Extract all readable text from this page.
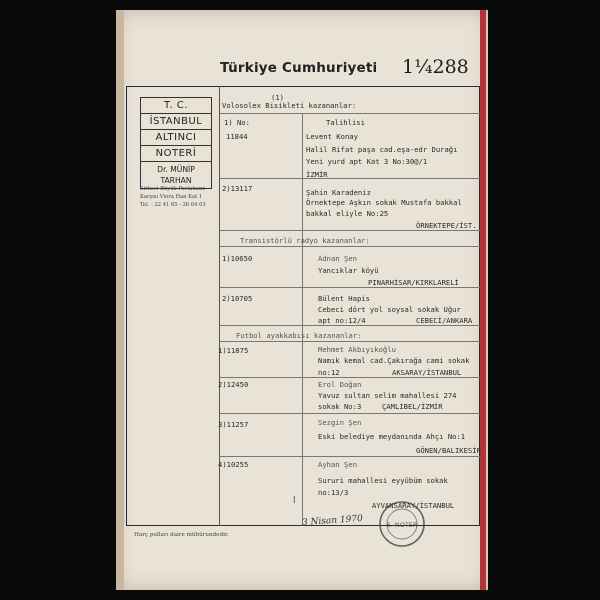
Türkiye Cumhuriyeti 1¼288
T. C.
İSTANBUL
ALTINCI
NOTERİ
Dr. MÜNİP TARHAN
Sirkeci Büyük Postahane
Karşısı Vlora Han Kat 1
Tel. : 22 41 65 - 26 64 03
(1)
Volosolex Bisikleti kazananlar:
1) No:	Talihlisi
11844	Levent Konay
Halil Rifat paşa cad.eşa-edr Durağı
Yeni yurd apt Kat 3 No:30@/1
İZMİR
2)13117	Şahin Karadeniz
Örnektepe Aşkın sokak Mustafa bakkal
bakkal eliyle No:25
ÖRNEKTEPE/İST.
Transistörlü radyo kazananlar:
1)10650	Adnan Şen
Yancıklar köyü
PINARHİSAR/KIRKLARELİ
2)10705	Bülent Hapis
Cebeci dört yol soysal sokak Uğur
apt no:12/4	CEBECİ/ANKARA
Futbol ayakkabısı kazananlar:
1)11875	Mehmet Akbıyıkoğlu
Namık kemal cad.Çakırağa cami sokak
no:12	AKSARAY/İSTANBUL
2)12450	Erol Doğan
Yavuz sultan selim mahallesi 274
sokak No:3	ÇAMLIBEL/İZMİR
3)11257	Sezgin Şen
Eski belediye meydanında Ahçı No:1
GÖNEN/BALIKESİR
4)10255	Ayhan Şen
Sururi mahallesi eyyübüm sokak
no:13/3
AYVANSARAY/İSTANBUL
l
3 Nisan 1970
Harç pulları daire mühürundedir.
6. NOTER
